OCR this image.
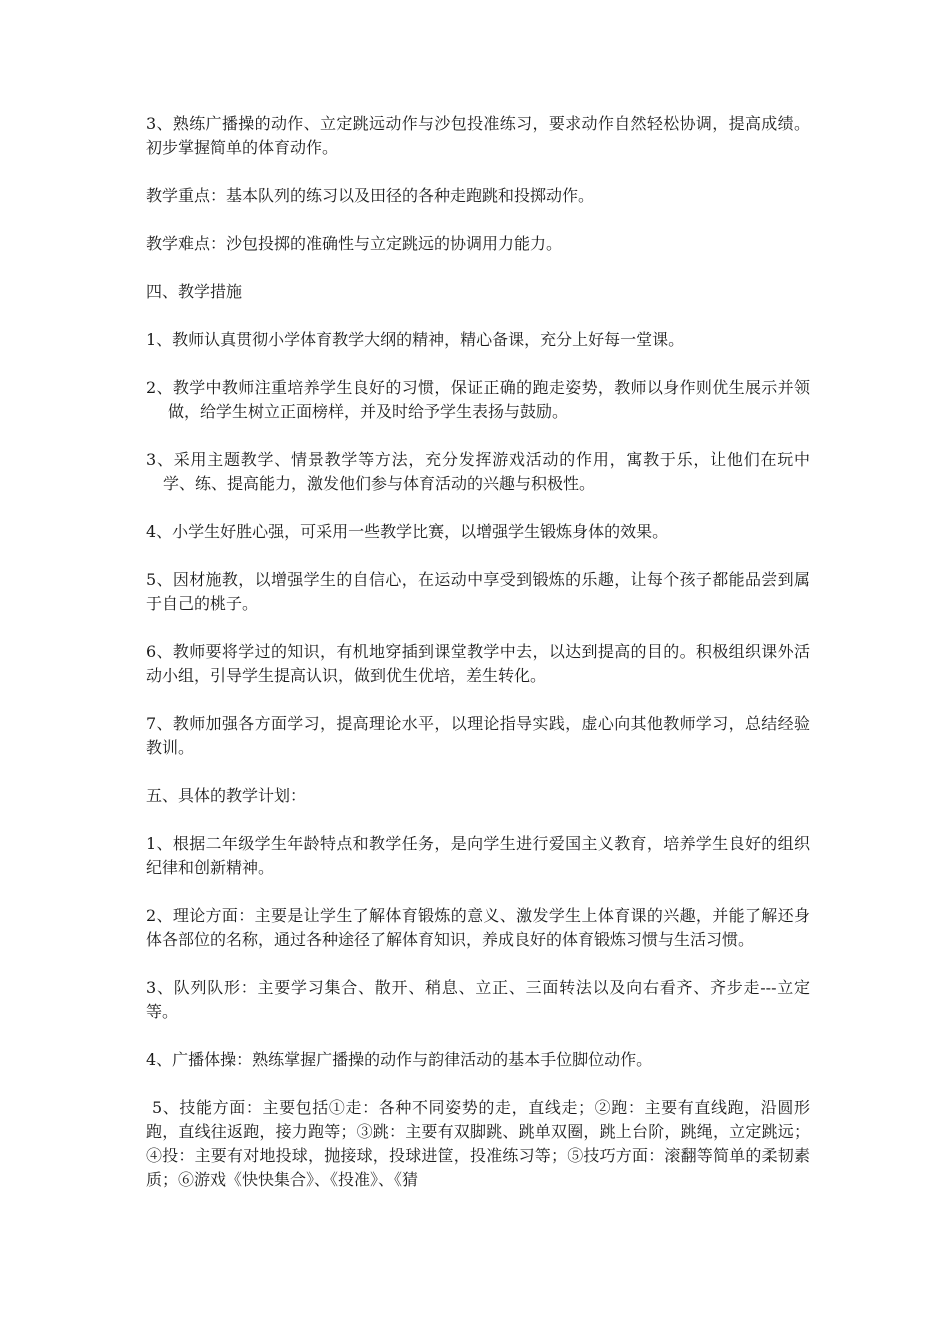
3、熟练广播操的动作、立定跳远动作与沙包投准练习，要求动作自然轻松协调，提高成绩。初步掌握简单的体育动作。

教学重点：基本队列的练习以及田径的各种走跑跳和投掷动作。

教学难点：沙包投掷的准确性与立定跳远的协调用力能力。

四、教学措施

1、教师认真贯彻小学体育教学大纲的精神，精心备课，充分上好每一堂课。

2、教学中教师注重培养学生良好的习惯，保证正确的跑走姿势，教师以身作则优生展示并领做，给学生树立正面榜样，并及时给予学生表扬与鼓励。

3、采用主题教学、情景教学等方法，充分发挥游戏活动的作用，寓教于乐，让他们在玩中学、练、提高能力，激发他们参与体育活动的兴趣与积极性。

4、小学生好胜心强，可采用一些教学比赛，以增强学生锻炼身体的效果。

5、因材施教，以增强学生的自信心，在运动中享受到锻炼的乐趣，让每个孩子都能品尝到属于自己的桃子。

6、教师要将学过的知识，有机地穿插到课堂教学中去，以达到提高的目的。积极组织课外活动小组，引导学生提高认识，做到优生优培，差生转化。

7、教师加强各方面学习，提高理论水平，以理论指导实践，虚心向其他教师学习，总结经验教训。

五、具体的教学计划：

1、根据二年级学生年龄特点和教学任务，是向学生进行爱国主义教育，培养学生良好的组织纪律和创新精神。

2、理论方面：主要是让学生了解体育锻炼的意义、激发学生上体育课的兴趣，并能了解还身体各部位的名称，通过各种途径了解体育知识，养成良好的体育锻炼习惯与生活习惯。

3、队列队形：主要学习集合、散开、稍息、立正、三面转法以及向右看齐、齐步走---立定等。

4、广播体操：熟练掌握广播操的动作与韵律活动的基本手位脚位动作。

5、技能方面：主要包括①走：各种不同姿势的走，直线走；②跑：主要有直线跑，沿圆形跑，直线往返跑，接力跑等；③跳：主要有双脚跳、跳单双圈，跳上台阶，跳绳，立定跳远；④投：主要有对地投球，抛接球，投球进筐，投准练习等；⑤技巧方面：滚翻等简单的柔韧素质；⑥游戏《快快集合》、《投准》、《猜
